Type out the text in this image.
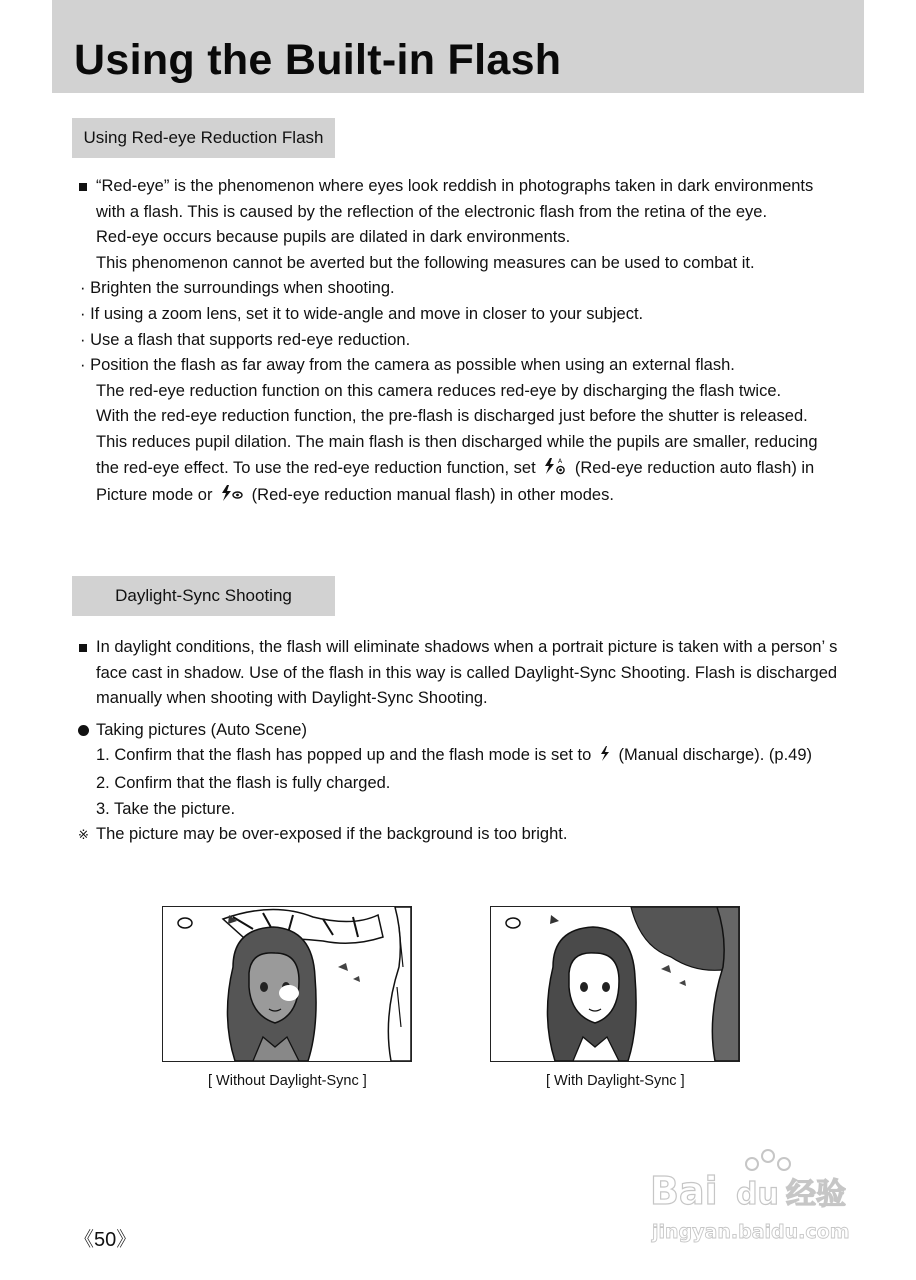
Using the Built-in Flash
Using Red-eye Reduction Flash
“Red-eye” is the phenomenon where eyes look reddish in photographs taken in dark environments
with a flash. This is caused by the reflection of the electronic flash from the retina of the eye.
Red-eye occurs because pupils are dilated in dark environments.
This phenomenon cannot be averted but the following measures can be used to combat it.
· Brighten the surroundings when shooting.
· If using a zoom lens, set it to wide-angle and move in closer to your subject.
· Use a flash that supports red-eye reduction.
· Position the flash as far away from the camera as possible when using an external flash.
The red-eye reduction function on this camera reduces red-eye by discharging the flash twice.
With the red-eye reduction function, the pre-flash is discharged just before the shutter is released.
This reduces pupil dilation. The main flash is then discharged while the pupils are smaller, reducing
the red-eye effect. To use the red-eye reduction function, set	A (Red-eye reduction auto flash) in
Picture mode or (Red-eye reduction manual flash) in other modes.
Daylight-Sync Shooting
In daylight conditions, the flash will eliminate shadows when a portrait picture is taken with a person’ s
face cast in shadow. Use of the flash in this way is called Daylight-Sync Shooting. Flash is discharged
manually when shooting with Daylight-Sync Shooting.
Taking pictures (Auto Scene)
1. Confirm that the flash has popped up and the flash mode is set to (Manual discharge). (p.49)
2. Confirm that the flash is fully charged.
3. Take the picture.
※ The picture may be over-exposed if the background is too bright.
[ Without Daylight-Sync ]	[ With Daylight-Sync ]
《50》
Bai du 经验
jingyan.baidu.com
